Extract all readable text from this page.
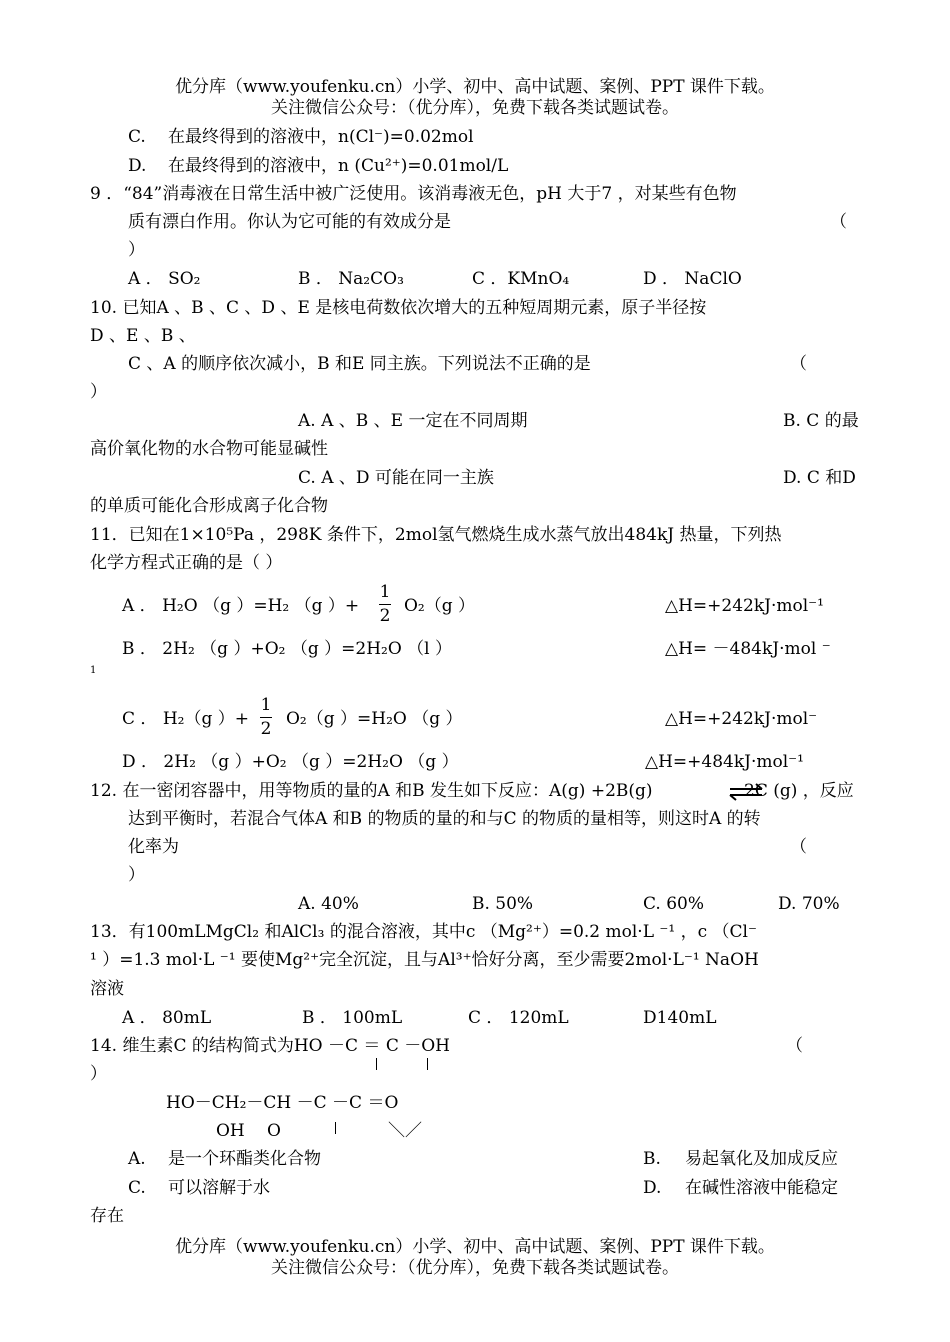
优分库（www.youfenku.cn）小学、初中、高中试题、案例、PPT 课件下载。
关注微信公众号：（优分库），免费下载各类试题试卷。
C. 在最终得到的溶液中，n(Cl⁻)=0.02mol
D. 在最终得到的溶液中，n (Cu²⁺)=0.01mol/L
9 ．“84”消毒液在日常生活中被广泛使用。该消毒液无色，pH 大于7 ，对某些有色物
质有漂白作用。你认为它可能的有效成分是	（
）
A ． SO₂	B ． Na₂CO₃	C ．KMnO₄	D ． NaClO
10. 已知A 、B 、C 、D 、E 是核电荷数依次增大的五种短周期元素，原子半径按
D 、E 、B 、
C 、A 的顺序依次减小，B 和E 同主族。下列说法不正确的是	（
）
A. A 、B 、E 一定在不同周期	B. C 的最
高价氧化物的水合物可能显碱性
C. A 、D 可能在同一主族	D. C 和D
的单质可能化合形成离子化合物
11．已知在1×10⁵Pa ，298K 条件下，2mol氢气燃烧生成水蒸气放出484kJ 热量，下列热
化学方程式正确的是（ ）
A ． H₂O （g ）=H₂ （g ）+
1
2 O₂（g ）	△H=+242kJ·mol⁻¹
B ． 2H₂ （g ）+O₂ （g ）=2H₂O （l ）	△H= －484kJ·mol ⁻
1
C ． H₂（g ）+
1
2 O₂（g ）=H₂O （g ）	△H=+242kJ·mol⁻
D ． 2H₂ （g ）+O₂ （g ）=2H₂O （g ）	△H=+484kJ·mol⁻¹
12. 在一密闭容器中，用等物质的量的A 和B 发生如下反应：A(g) +2B(g)	2C (g) ，反应
达到平衡时，若混合气体A 和B 的物质的量的和与C 的物质的量相等，则这时A 的转
化率为	（
）
A. 40%	B. 50%	C. 60%	D. 70%
13．有100mLMgCl₂ 和AlCl₃ 的混合溶液，其中c （Mg²⁺）=0.2 mol·L ⁻¹ ，c （Cl⁻
¹ ）=1.3 mol·L ⁻¹ 要使Mg²⁺完全沉淀，且与Al³⁺恰好分离，至少需要2mol·L⁻¹ NaOH
溶液
A ． 80mL	B ． 100mL	C ． 120mL	D140mL
14. 维生素C 的结构简式为HO －C ＝ C －OH	（
）
HO－CH₂－CH －C －C ＝O
OH O	＼／
A. 是一个环酯类化合物	B. 易起氧化及加成反应
C. 可以溶解于水	D. 在碱性溶液中能稳定
存在
优分库（www.youfenku.cn）小学、初中、高中试题、案例、PPT 课件下载。
关注微信公众号：（优分库），免费下载各类试题试卷。
